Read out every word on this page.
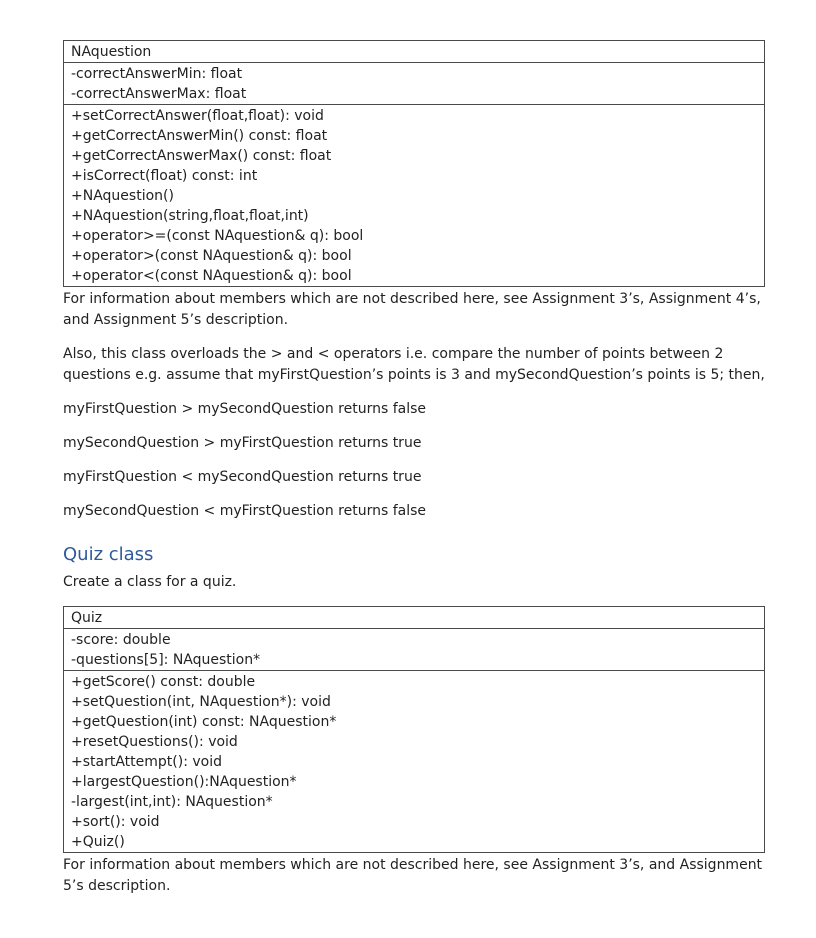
NAquestion
-correctAnswerMin: float
-correctAnswerMax: float
+setCorrectAnswer(float,float): void
+getCorrectAnswerMin() const: float
+getCorrectAnswerMax() const: float
+isCorrect(float) const: int
+NAquestion()
+NAquestion(string,float,float,int)
+operator>=(const NAquestion& q): bool
+operator>(const NAquestion& q): bool
+operator<(const NAquestion& q): bool

For information about members which are not described here, see Assignment 3’s, Assignment 4’s, and Assignment 5’s description.

Also, this class overloads the > and < operators i.e. compare the number of points between 2 questions e.g. assume that myFirstQuestion’s points is 3 and mySecondQuestion’s points is 5; then,

myFirstQuestion > mySecondQuestion returns false

mySecondQuestion > myFirstQuestion returns true

myFirstQuestion < mySecondQuestion returns true

mySecondQuestion < myFirstQuestion returns false

Quiz class

Create a class for a quiz.

Quiz
-score: double
-questions[5]: NAquestion*
+getScore() const: double
+setQuestion(int, NAquestion*): void
+getQuestion(int) const: NAquestion*
+resetQuestions(): void
+startAttempt(): void
+largestQuestion():NAquestion*
-largest(int,int): NAquestion*
+sort(): void
+Quiz()

For information about members which are not described here, see Assignment 3’s, and Assignment 5’s description.
